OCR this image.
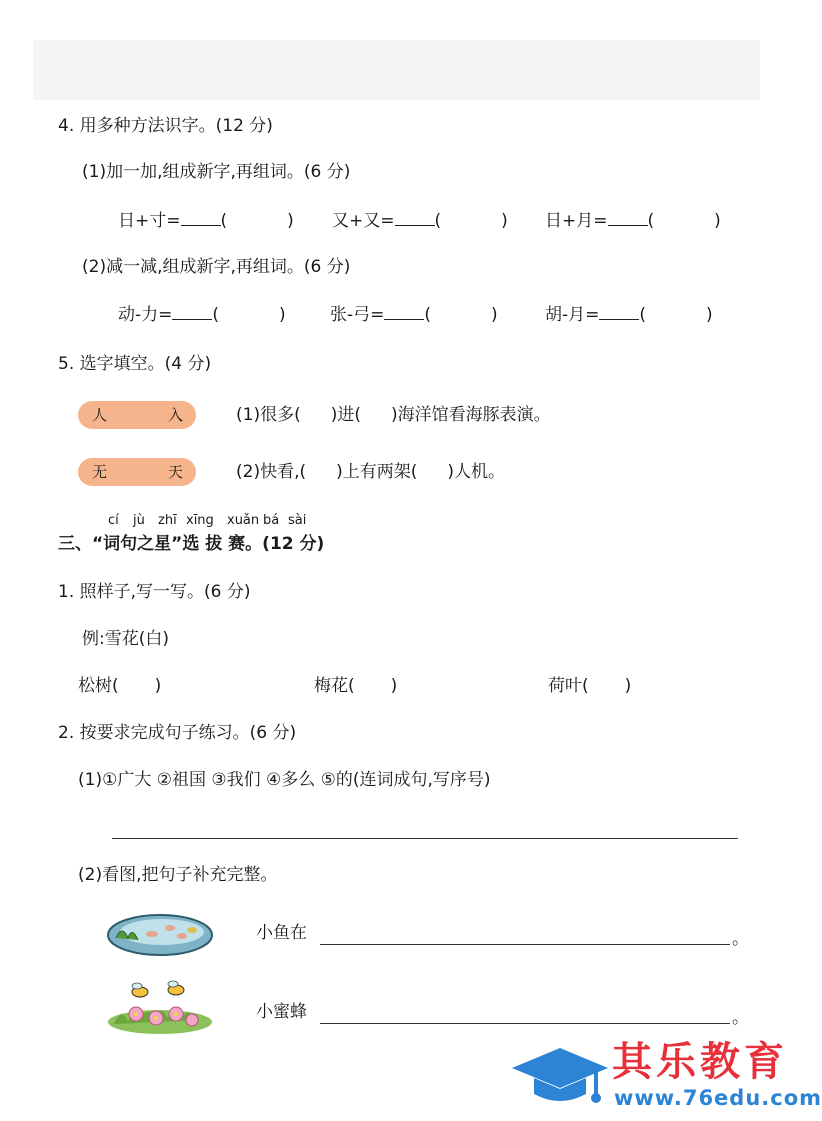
4. 用多种方法识字。(12 分)
(1)加一加,组成新字,再组词。(6 分)
日+寸= (	) 又+又= (	) 日+月= (	)
(2)减一减,组成新字,再组词。(6 分)
动-力= (	)	张-弓= (	)	胡-月= (	)
5. 选字填空。(4 分)
人	入	(1)很多( )进( )海洋馆看海豚表演。
无	天	(2)快看,( )上有两架( )人机。
cí jù zhī xīng xuǎn bá sài
三、“词句之星”选 拔 赛。(12 分)
1. 照样子,写一写。(6 分)
例:雪花(白)
松树( )	梅花( )	荷叶( )
2. 按要求完成句子练习。(6 分)
(1)①广大 ②祖国 ③我们 ④多么 ⑤的(连词成句,写序号)
(2)看图,把句子补充完整。
小鱼在	。
小蜜蜂	。
其乐教育
www.76edu.com
